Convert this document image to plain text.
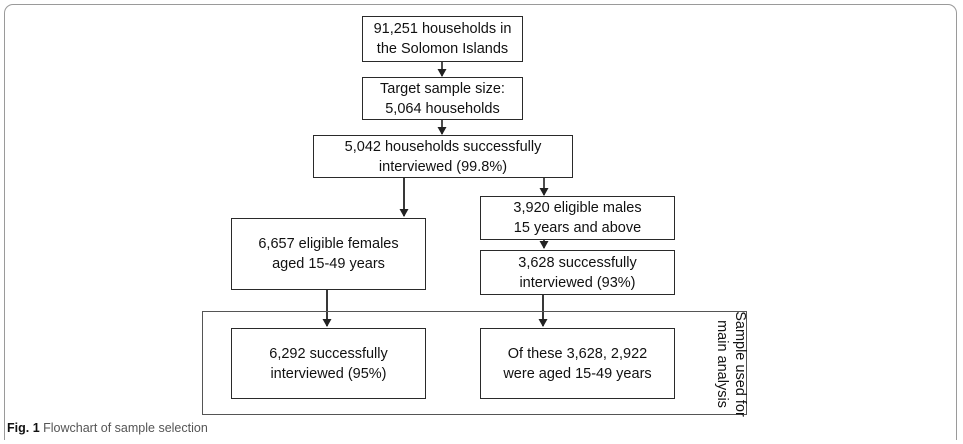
91,251 households in
the Solomon Islands
Target sample size:
5,064 households
5,042 households successfully
interviewed (99.8%)
6,657 eligible females
aged 15-49 years
3,920 eligible males
15 years and above
3,628 successfully
interviewed (93%)
6,292 successfully
interviewed (95%)
Of these 3,628, 2,922
were aged 15-49 years
Sample used for
main analysis
Fig. 1 Flowchart of sample selection
